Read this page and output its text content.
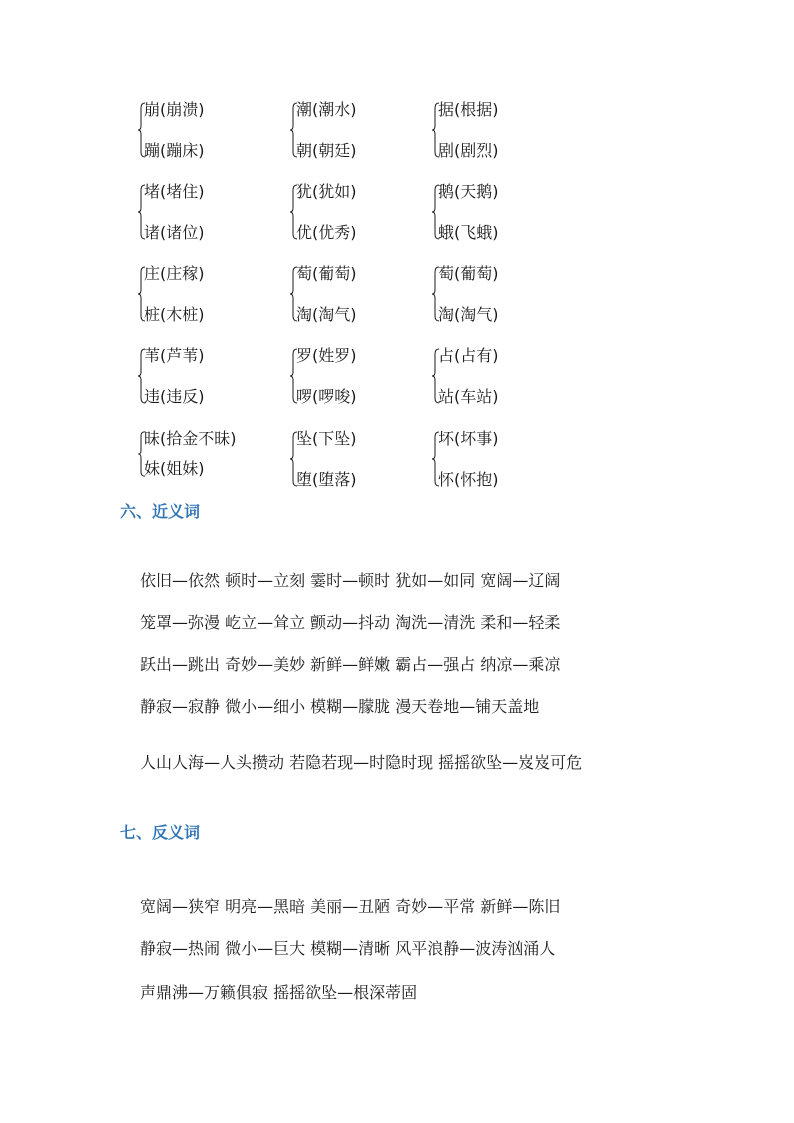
崩(崩溃)
蹦(蹦床)
潮(潮水)
朝(朝廷)
据(根据)
剧(剧烈)
堵(堵住)
诸(诸位)
犹(犹如)
优(优秀)
鹅(天鹅)
蛾(飞蛾)
庄(庄稼)
桩(木桩)
萄(葡萄)
淘(淘气)
萄(葡萄)
淘(淘气)
苇(芦苇)
违(违反)
罗(姓罗)
啰(啰唆)
占(占有)
站(车站)
昧(拾金不昧)
妹(姐妹)
坠(下坠)
堕(堕落)
坏(坏事)
怀(怀抱)
六、近义词
依旧—依然 顿时—立刻 霎时—顿时 犹如—如同 宽阔—辽阔
笼罩—弥漫 屹立—耸立 颤动—抖动 淘洗—清洗 柔和—轻柔
跃出—跳出 奇妙—美妙 新鲜—鲜嫩 霸占—强占 纳凉—乘凉
静寂—寂静 微小—细小 模糊—朦胧 漫天卷地—铺天盖地
人山人海—人头攒动 若隐若现—时隐时现 摇摇欲坠—岌岌可危
七、反义词
宽阔—狭窄 明亮—黑暗 美丽—丑陋 奇妙—平常 新鲜—陈旧
静寂—热闹 微小—巨大 模糊—清晰 风平浪静—波涛汹涌人
声鼎沸—万籁俱寂 摇摇欲坠—根深蒂固
